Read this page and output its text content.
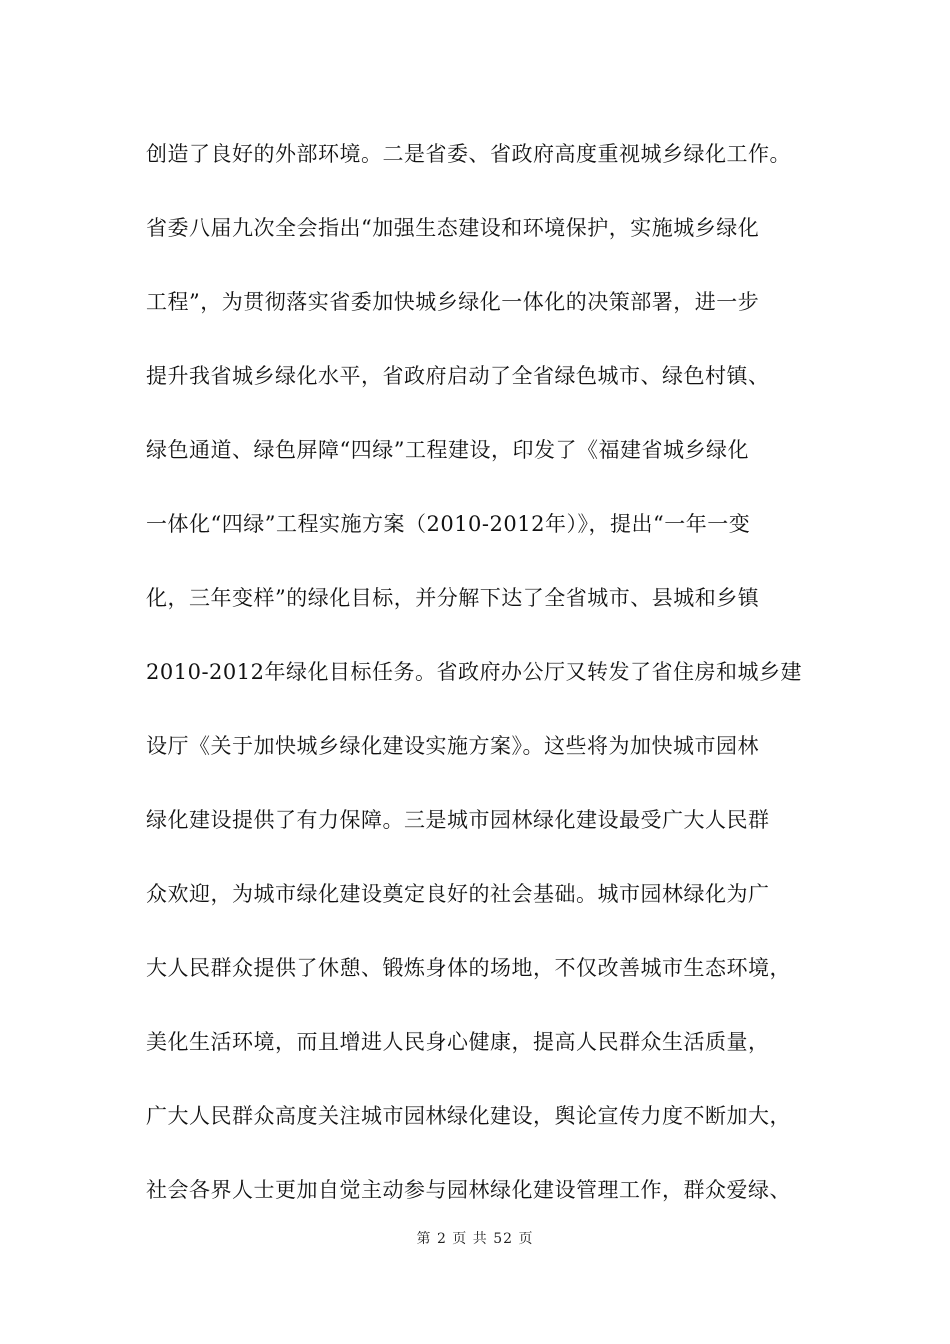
创造了良好的外部环境。二是省委、省政府高度重视城乡绿化工作。
省委八届九次全会指出“加强生态建设和环境保护，实施城乡绿化
工程”，为贯彻落实省委加快城乡绿化一体化的决策部署，进一步
提升我省城乡绿化水平，省政府启动了全省绿色城市、绿色村镇、
绿色通道、绿色屏障“四绿”工程建设，印发了《福建省城乡绿化
一体化“四绿”工程实施方案（2010-2012年）》，提出“一年一变
化，三年变样”的绿化目标，并分解下达了全省城市、县城和乡镇
2010-2012年绿化目标任务。省政府办公厅又转发了省住房和城乡建
设厅《关于加快城乡绿化建设实施方案》。这些将为加快城市园林
绿化建设提供了有力保障。三是城市园林绿化建设最受广大人民群
众欢迎，为城市绿化建设奠定良好的社会基础。城市园林绿化为广
大人民群众提供了休憩、锻炼身体的场地，不仅改善城市生态环境，
美化生活环境，而且增进人民身心健康，提高人民群众生活质量，
广大人民群众高度关注城市园林绿化建设，舆论宣传力度不断加大，
社会各界人士更加自觉主动参与园林绿化建设管理工作，群众爱绿、
第 2 页 共 52 页
